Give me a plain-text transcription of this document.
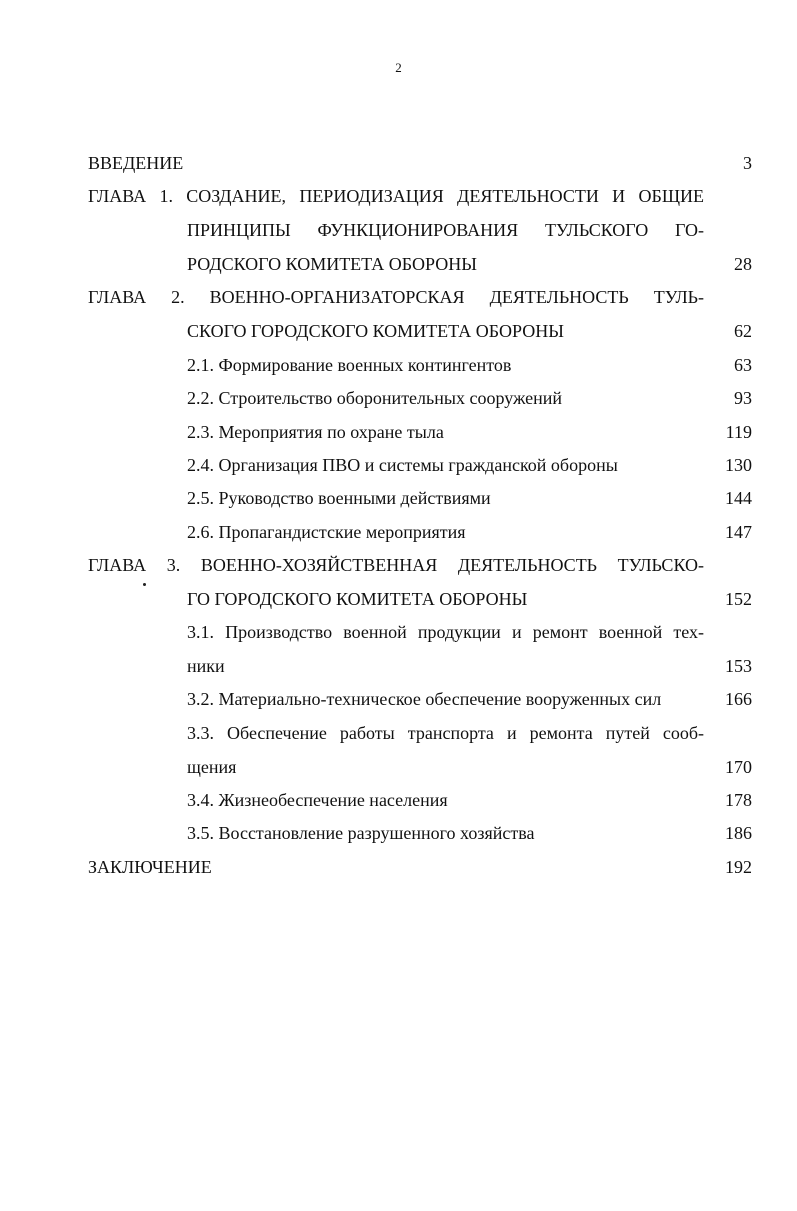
2
ВВЕДЕНИЕ	3
ГЛАВА 1. СОЗДАНИЕ, ПЕРИОДИЗАЦИЯ ДЕЯТЕЛЬНОСТИ И ОБЩИЕ
ПРИНЦИПЫ ФУНКЦИОНИРОВАНИЯ ТУЛЬСКОГО ГО-
РОДСКОГО КОМИТЕТА ОБОРОНЫ	28
ГЛАВА 2. ВОЕННО-ОРГАНИЗАТОРСКАЯ ДЕЯТЕЛЬНОСТЬ ТУЛЬ-
СКОГО ГОРОДСКОГО КОМИТЕТА ОБОРОНЫ	62
2.1. Формирование военных контингентов	63
2.2. Строительство оборонительных сооружений	93
2.3. Мероприятия по охране тыла	119
2.4. Организация ПВО и системы гражданской обороны	130
2.5. Руководство военными действиями	144
2.6. Пропагандистские мероприятия	147
ГЛАВА 3. ВОЕННО-ХОЗЯЙСТВЕННАЯ ДЕЯТЕЛЬНОСТЬ ТУЛЬСКО-
ГО ГОРОДСКОГО КОМИТЕТА ОБОРОНЫ	152
3.1. Производство военной продукции и ремонт военной тех-
ники	153
3.2. Материально-техническое обеспечение вооруженных сил	166
3.3. Обеспечение работы транспорта и ремонта путей сооб-
щения	170
3.4. Жизнеобеспечение населения	178
3.5. Восстановление разрушенного хозяйства	186
ЗАКЛЮЧЕНИЕ	192
